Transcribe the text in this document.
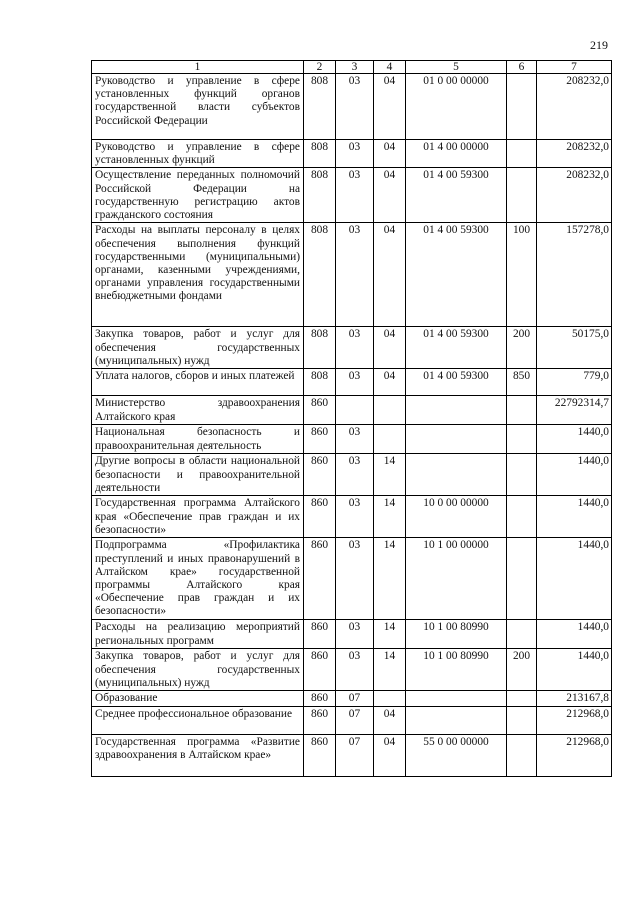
219
1	2	3	4	5	6	7
Руководство и управление в сфере установленных функций органов государственной власти субъектов Российской Федерации	808	03	04	01 0 00 00000		208232,0
Руководство и управление в сфере установленных функций	808	03	04	01 4 00 00000		208232,0
Осуществление переданных полномочий Российской Федерации на государственную регистрацию актов гражданского состояния	808	03	04	01 4 00 59300		208232,0
Расходы на выплаты персоналу в целях обеспечения выполнения функций государственными (муниципальными) органами, казенными учреждениями, органами управления государственными внебюджетными фондами	808	03	04	01 4 00 59300	100	157278,0
Закупка товаров, работ и услуг для обеспечения государственных (муниципальных) нужд	808	03	04	01 4 00 59300	200	50175,0
Уплата налогов, сборов и иных платежей	808	03	04	01 4 00 59300	850	779,0
Министерство здравоохранения Алтайского края	860					22792314,7
Национальная безопасность и правоохранительная деятельность	860	03				1440,0
Другие вопросы в области национальной безопасности и правоохранительной деятельности	860	03	14			1440,0
Государственная программа Алтайского края «Обеспечение прав граждан и их безопасности»	860	03	14	10 0 00 00000		1440,0
Подпрограмма «Профилактика преступлений и иных правонарушений в Алтайском крае» государственной программы Алтайского края «Обеспечение прав граждан и их безопасности»	860	03	14	10 1 00 00000		1440,0
Расходы на реализацию мероприятий региональных программ	860	03	14	10 1 00 80990		1440,0
Закупка товаров, работ и услуг для обеспечения государственных (муниципальных) нужд	860	03	14	10 1 00 80990	200	1440,0
Образование	860	07				213167,8
Среднее профессиональное образование	860	07	04			212968,0
Государственная программа «Развитие здравоохранения в Алтайском крае»	860	07	04	55 0 00 00000		212968,0
